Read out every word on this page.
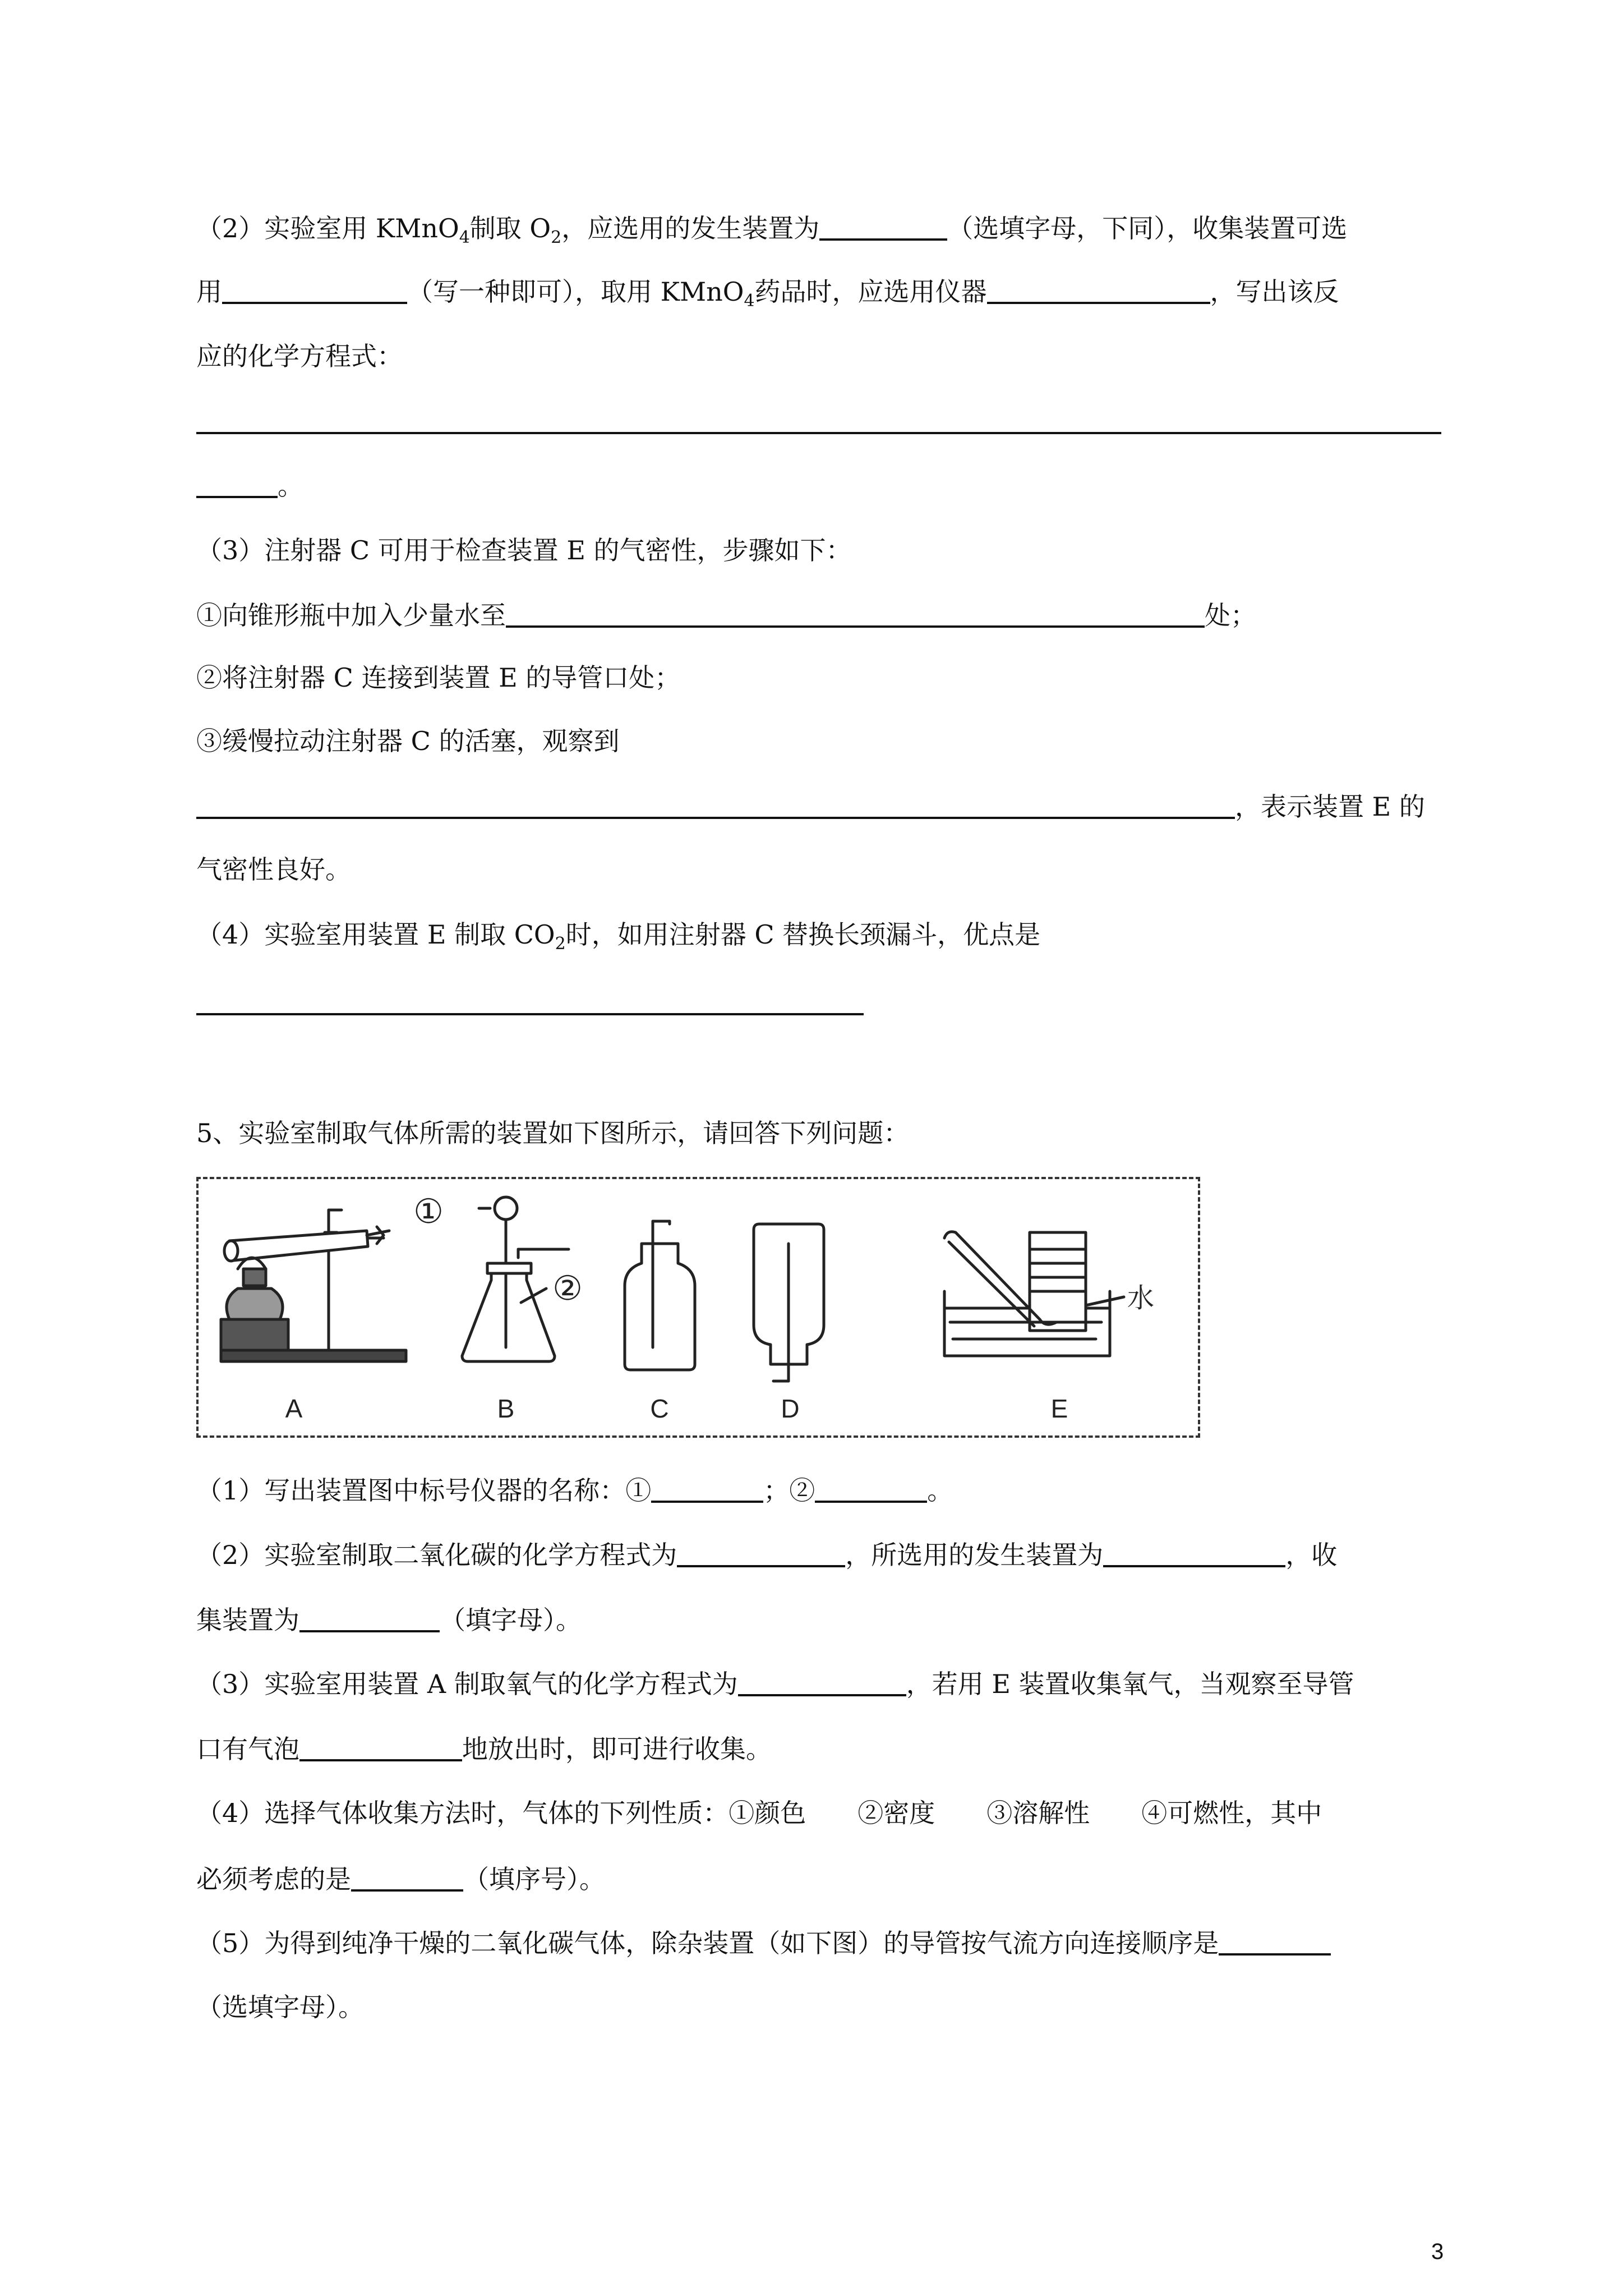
（2）实验室用 KMnO$_4$制取 $O_2$，应选用的发生装置为	（选填字母，下同），收集装置可选
用	（写一种即可），取用 KMnO$_4$药品时，应选用仪器	，写出该反
应的化学方程式：
。
（3）注射器 C 可用于检查装置 E 的气密性，步骤如下：
①向锥形瓶中加入少量水至	处；
②将注射器 C 连接到装置 E 的导管口处；
③缓慢拉动注射器 C 的活塞，观察到
，表示装置 E 的
气密性良好。
（4）实验室用装置 E 制取 $CO_2$时，如用注射器 C 替换长颈漏斗，优点是
5、实验室制取气体所需的装置如下图所示，请回答下列问题：
A	B	C	D	E
①
②	水
（1）写出装置图中标号仪器的名称：①	；②	。
（2）实验室制取二氧化碳的化学方程式为	，所选用的发生装置为	，收
集装置为	（填字母）。
（3）实验室用装置 A 制取氧气的化学方程式为	，若用 E 装置收集氧气，当观察至导管
口有气泡	地放出时，即可进行收集。
（4）选择气体收集方法时，气体的下列性质：①颜色　　②密度　　③溶解性　　④可燃性，其中
必须考虑的是	（填序号）。
（5）为得到纯净干燥的二氧化碳气体，除杂装置（如下图）的导管按气流方向连接顺序是
（选填字母）。
3
